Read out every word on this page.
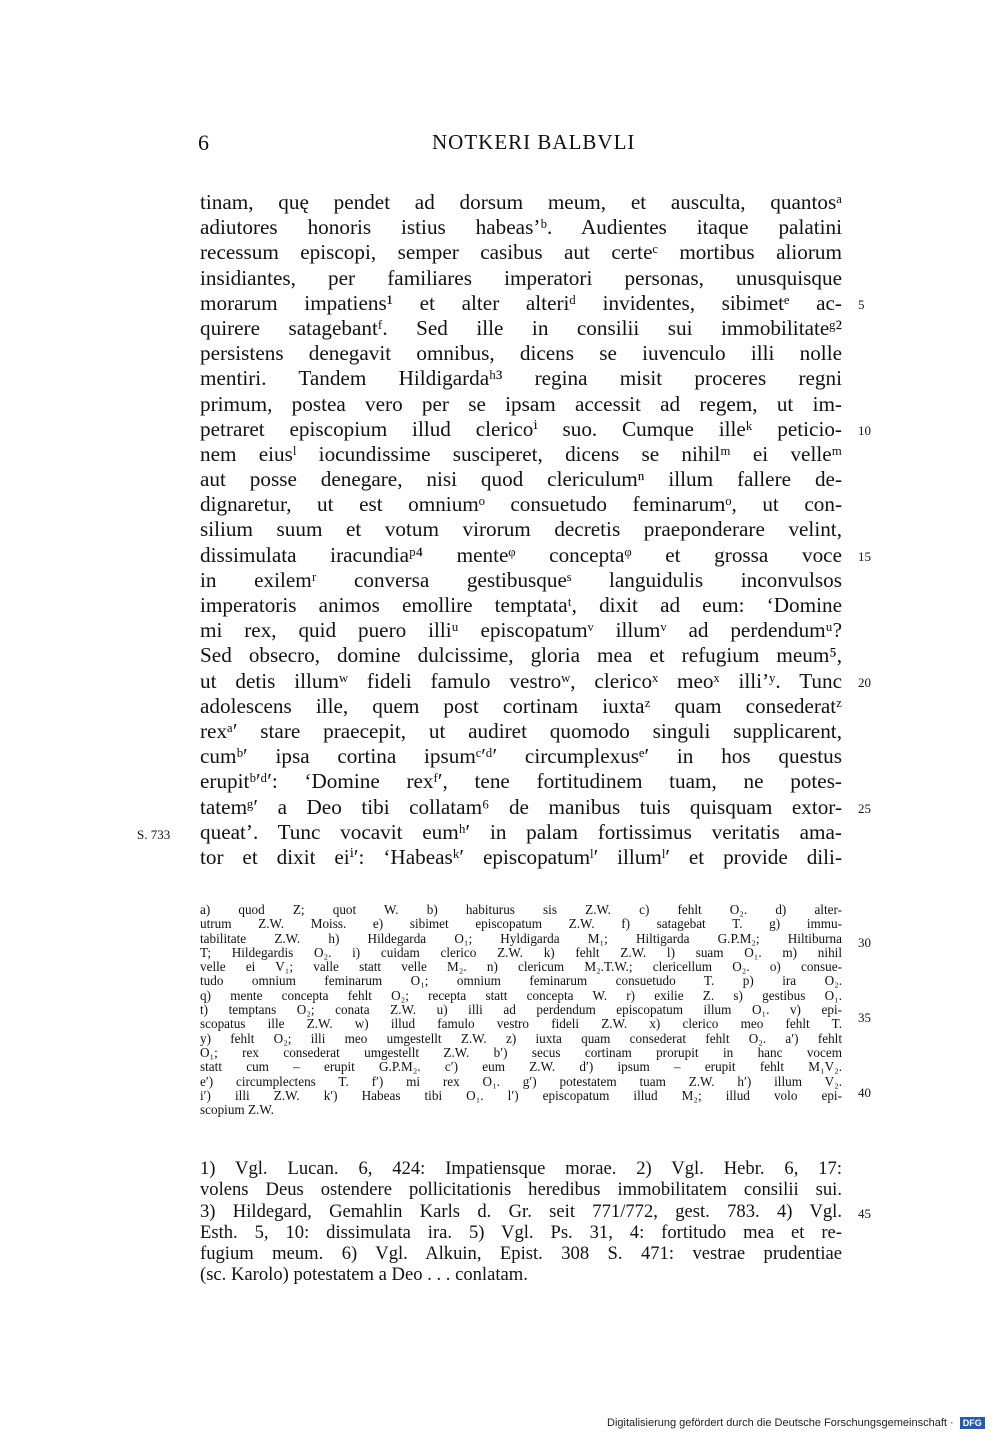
6	NOTKERI BALBVLI
tinam, quę pendet ad dorsum meum, et ausculta, quantosᵃ
adiutores honoris istius habeas’ᵇ. Audientes itaque palatini
recessum episcopi, semper casibus aut certeᶜ mortibus aliorum
insidiantes, per familiares imperatori personas, unusquisque
morarum impatiens¹ et alter alteriᵈ invidentes, sibimetᵉ ac-
quirere satagebantᶠ. Sed ille in consilii sui immobilitateᵍ²
persistens denegavit omnibus, dicens se iuvenculo illi nolle
mentiri. Tandem Hildigardaʰ³ regina misit proceres regni
primum, postea vero per se ipsam accessit ad regem, ut im-
petraret episcopium illud clericoⁱ suo. Cumque illeᵏ peticio-
nem eiusˡ iocundissime susciperet, dicens se nihilᵐ ei velleᵐ
aut posse denegare, nisi quod clericulumⁿ illum fallere de-
dignaretur, ut est omniumᵒ consuetudo feminarumᵒ, ut con-
silium suum et votum virorum decretis praeponderare velint,
dissimulata iracundiaᵖ⁴ menteᵠ conceptaᵠ et grossa voce
in exilemʳ conversa gestibusqueˢ languidulis inconvulsos
imperatoris animos emollire temptataᵗ, dixit ad eum: ‘Domine
mi rex, quid puero illiᵘ episcopatumᵛ illumᵛ ad perdendumᵘ?
Sed obsecro, domine dulcissime, gloria mea et refugium meum⁵,
ut detis illumʷ fideli famulo vestroʷ, clericoˣ meoˣ illi’ʸ. Tunc
adolescens ille, quem post cortinam iuxtaᶻ quam consederatᶻ
rexᵃ′ stare praecepit, ut audiret quomodo singuli supplicarent,
cumᵇ′ ipsa cortina ipsumᶜ′ᵈ′ circumplexusᵉ′ in hos questus
erupitᵇ′ᵈ′: ‘Domine rexᶠ′, tene fortitudinem tuam, ne potes-
tatemᵍ′ a Deo tibi collatam⁶ de manibus tuis quisquam extor-
queat’. Tunc vocavit eumʰ′ in palam fortissimus veritatis ama-
tor et dixit eiⁱ′: ‘Habeasᵏ′ episcopatumˡ′ illumˡ′ et provide dili-
5
10
15
20
25
S. 733
a) quod Z; quot W. b) habiturus sis Z.W. c) fehlt O₂. d) alter-
utrum Z.W. Moiss. e) sibimet episcopatum Z.W. f) satagebat T. g) immu-
tabilitate Z.W. h) Hildegarda O₁; Hyldigarda M₁; Hiltigarda G.P.M₂; Hiltiburna
T; Hildegardis O₂. i) cuidam clerico Z.W. k) fehlt Z.W. l) suam O₁. m) nihil
velle ei V₁; valle statt velle M₂. n) clericum M₂.T.W.; clericellum O₂. o) consue-
tudo omnium feminarum O₁; omnium feminarum consuetudo T. p) ira O₂.
q) mente concepta fehlt O₂; recepta statt concepta W. r) exilie Z. s) gestibus O₁.
t) temptans O₂; conata Z.W. u) illi ad perdendum episcopatum illum O₁. v) epi-
scopatus ille Z.W. w) illud famulo vestro fideli Z.W. x) clerico meo fehlt T.
y) fehlt O₂; illi meo umgestellt Z.W. z) iuxta quam consederat fehlt O₂. a′) fehlt
O₁; rex consederat umgestellt Z.W. b′) secus cortinam prorupit in hanc vocem
statt cum – erupit G.P.M₂. c′) eum Z.W. d′) ipsum – erupit fehlt M₁V₂.
e′) circumplectens T. f′) mi rex O₁. g′) potestatem tuam Z.W. h′) illum V₂.
i′) illi Z.W. k′) Habeas tibi O₁. l′) episcopatum illud M₂; illud volo epi-
scopium Z.W.
30
35
40
1) Vgl. Lucan. 6, 424: Impatiensque morae. 2) Vgl. Hebr. 6, 17:
volens Deus ostendere pollicitationis heredibus immobilitatem consilii sui.
3) Hildegard, Gemahlin Karls d. Gr. seit 771/772, gest. 783. 4) Vgl.
Esth. 5, 10: dissimulata ira. 5) Vgl. Ps. 31, 4: fortitudo mea et re-
fugium meum. 6) Vgl. Alkuin, Epist. 308 S. 471: vestrae prudentiae
(sc. Karolo) potestatem a Deo . . . conlatam.
45
Digitalisierung gefördert durch die Deutsche Forschungsgemeinschaft · DFG
